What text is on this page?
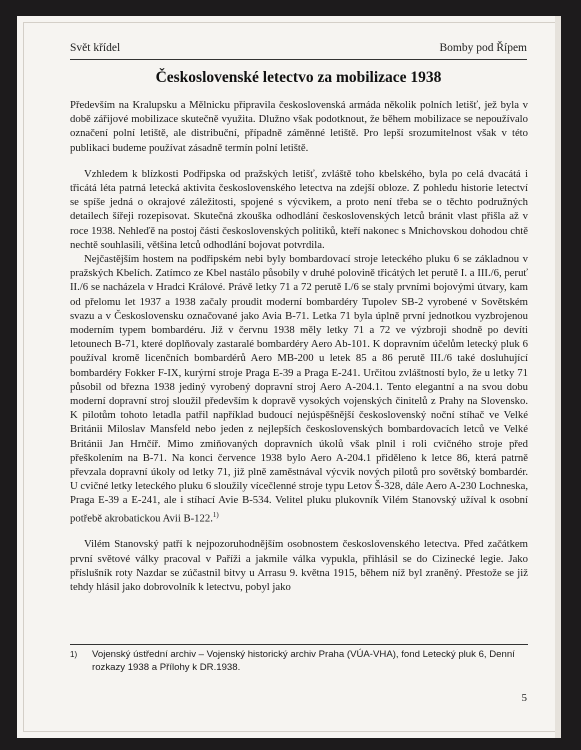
Svět křídel	Bomby pod Řípem
Československé letectvo za mobilizace 1938

Především na Kralupsku a Mělnicku připravila československá armáda několik polních letišť, jež byla v době zářijové mobilizace skutečně využita. Dlužno však podotknout, že během mobilizace se nepoužívalo označení polní letiště, ale distribuční, případně záměnné letiště. Pro lepší srozumitelnost však v této publikaci budeme používat zásadně termín polní letiště.

Vzhledem k blízkosti Podřipska od pražských letišť, zvláště toho kbelského, byla po celá dvacátá i třicátá léta patrná letecká aktivita československého letectva na zdejší obloze. Z pohledu historie letectví se spíše jedná o okrajové záležitosti, spojené s výcvikem, a proto není třeba se o těchto podružných detailech šířeji rozepisovat. Skutečná zkouška odhodlání československých letců bránit vlast přišla až v roce 1938. Nehleďě na postoj části československých politiků, kteří nakonec s Mnichovskou dohodou chtě nechtě souhlasili, většina letců odhodlání bojovat potvrdila.

Nejčastějším hostem na podřipském nebi byly bombardovací stroje leteckého pluku 6 se základnou v pražských Kbelích. Zatímco ze Kbel nastálo působily v druhé polovině třicátých let perutě I. a III./6, peruť II./6 se nacházela v Hradci Králové. Právě letky 71 a 72 perutě I./6 se staly prvními bojovými útvary, kam od přelomu let 1937 a 1938 začaly proudit moderní bombardéry Tupolev SB-2 vyrobené v Sovětském svazu a v Československu označované jako Avia B-71. Letka 71 byla úplně první jednotkou vyzbrojenou moderním typem bombardéru. Již v červnu 1938 měly letky 71 a 72 ve výzbroji shodně po devíti letounech B-71, které doplňovaly zastaralé bombardéry Aero Ab-101. K dopravním účelům letecký pluk 6 používal kromě licenčních bombardérů Aero MB-200 u letek 85 a 86 perutě III./6 také dosluhující bombardéry Fokker F-IX, kurýrní stroje Praga E-39 a Praga E-241. Určitou zvláštností bylo, že u letky 71 působil od března 1938 jediný vyrobený dopravní stroj Aero A-204.1. Tento elegantní a na svou dobu moderní dopravní stroj sloužil především k dopravě vysokých vojenských činitelů z Prahy na Slovensko. K pilotům tohoto letadla patřil například budoucí nejúspěšnější československý noční stíhač ve Velké Británii Miloslav Mansfeld nebo jeden z nejlepších československých bombardovacích letců ve Velké Británii Jan Hrnčíř. Mimo zmiňovaných dopravních úkolů však plnil i roli cvičného stroje před přeškolením na B-71. Na konci července 1938 bylo Aero A-204.1 přiděleno k letce 86, která patrně převzala dopravní úkoly od letky 71, již plně zaměstnával výcvik nových pilotů pro sovětský bombardér. U cvičné letky leteckého pluku 6 sloužily vícečlenné stroje typu Letov Š-328, dále Aero A-230 Lochneska, Praga E-39 a E-241, ale i stíhací Avie B-534. Velitel pluku plukovník Vilém Stanovský užíval k osobní potřebě akrobatickou Avii B-122.$^{1)}$

Vilém Stanovský patří k nejpozoruhodnějším osobnostem československého letectva. Před začátkem první světové války pracoval v Paříži a jakmile válka vypukla, přihlásil se do Cizinecké legie. Jako příslušník roty Nazdar se zúčastnil bitvy u Arrasu 9. května 1915, během níž byl zraněný. Přestože se již tehdy hlásil jako dobrovolník k letectvu, pobyl jako

1)	Vojenský ústřední archiv – Vojenský historický archiv Praha (VÚA-VHA), fond Letecký pluk 6, Denní rozkazy 1938 a Přílohy k DR.1938.
5
